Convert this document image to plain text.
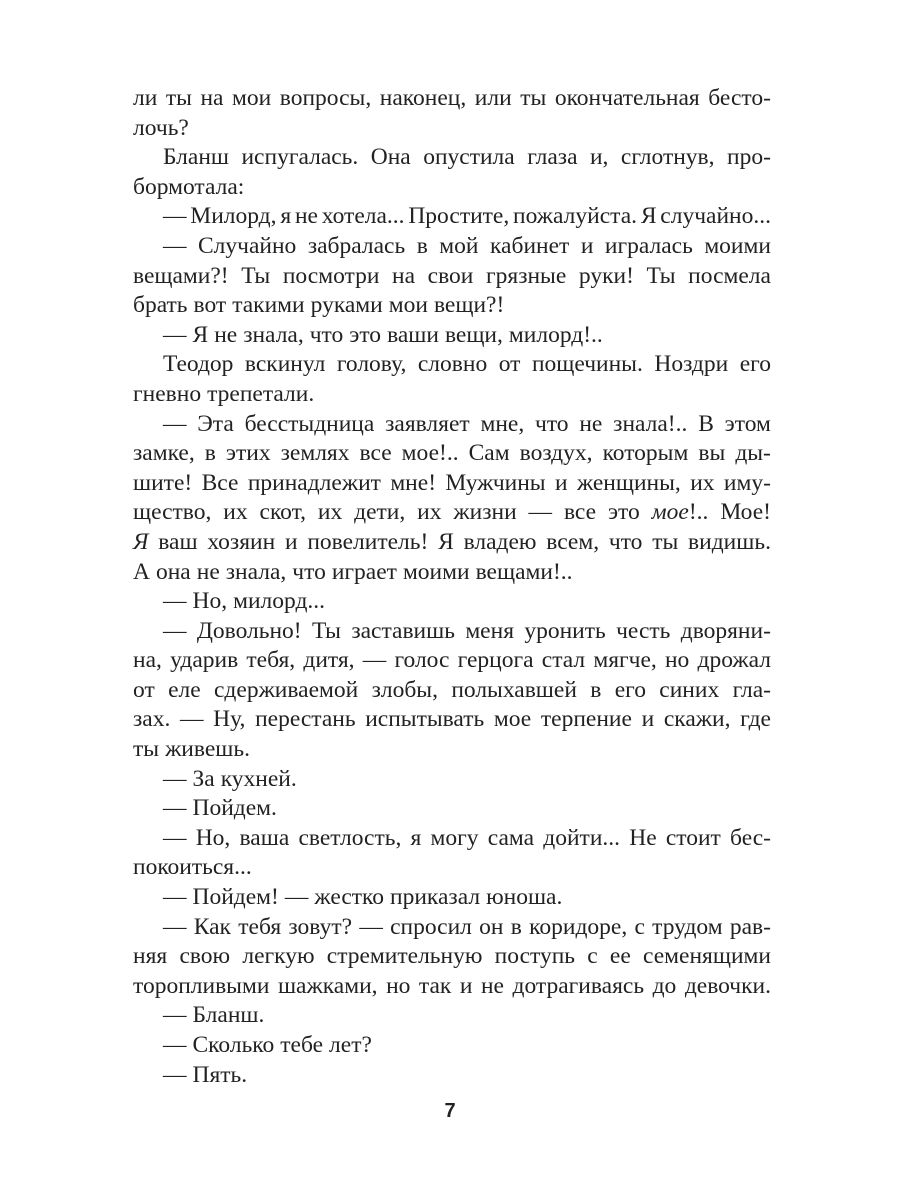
ли ты на мои вопросы, наконец, или ты окончательная бесто-
лочь?
Бланш испугалась. Она опустила глаза и, сглотнув, про-
бормотала:
— Милорд, я не хотела... Простите, пожалуйста. Я случайно...
— Случайно забралась в мой кабинет и игралась моими
вещами?! Ты посмотри на свои грязные руки! Ты посмела
брать вот такими руками мои вещи?!
— Я не знала, что это ваши вещи, милорд!..
Теодор вскинул голову, словно от пощечины. Ноздри его
гневно трепетали.
— Эта бесстыдница заявляет мне, что не знала!.. В этом
замке, в этих землях все мое!.. Сам воздух, которым вы ды-
шите! Все принадлежит мне! Мужчины и женщины, их иму-
щество, их скот, их дети, их жизни — все это мое!.. Мое!
Я ваш хозяин и повелитель! Я владею всем, что ты видишь.
А она не знала, что играет моими вещами!..
— Но, милорд...
— Довольно! Ты заставишь меня уронить честь дворяни-
на, ударив тебя, дитя, — голос герцога стал мягче, но дрожал
от еле сдерживаемой злобы, полыхавшей в его синих гла-
зах. — Ну, перестань испытывать мое терпение и скажи, где
ты живешь.
— За кухней.
— Пойдем.
— Но, ваша светлость, я могу сама дойти... Не стоит бес-
покоиться...
— Пойдем! — жестко приказал юноша.
— Как тебя зовут? — спросил он в коридоре, с трудом рав-
няя свою легкую стремительную поступь с ее семенящими
торопливыми шажками, но так и не дотрагиваясь до девочки.
— Бланш.
— Сколько тебе лет?
— Пять.
7
